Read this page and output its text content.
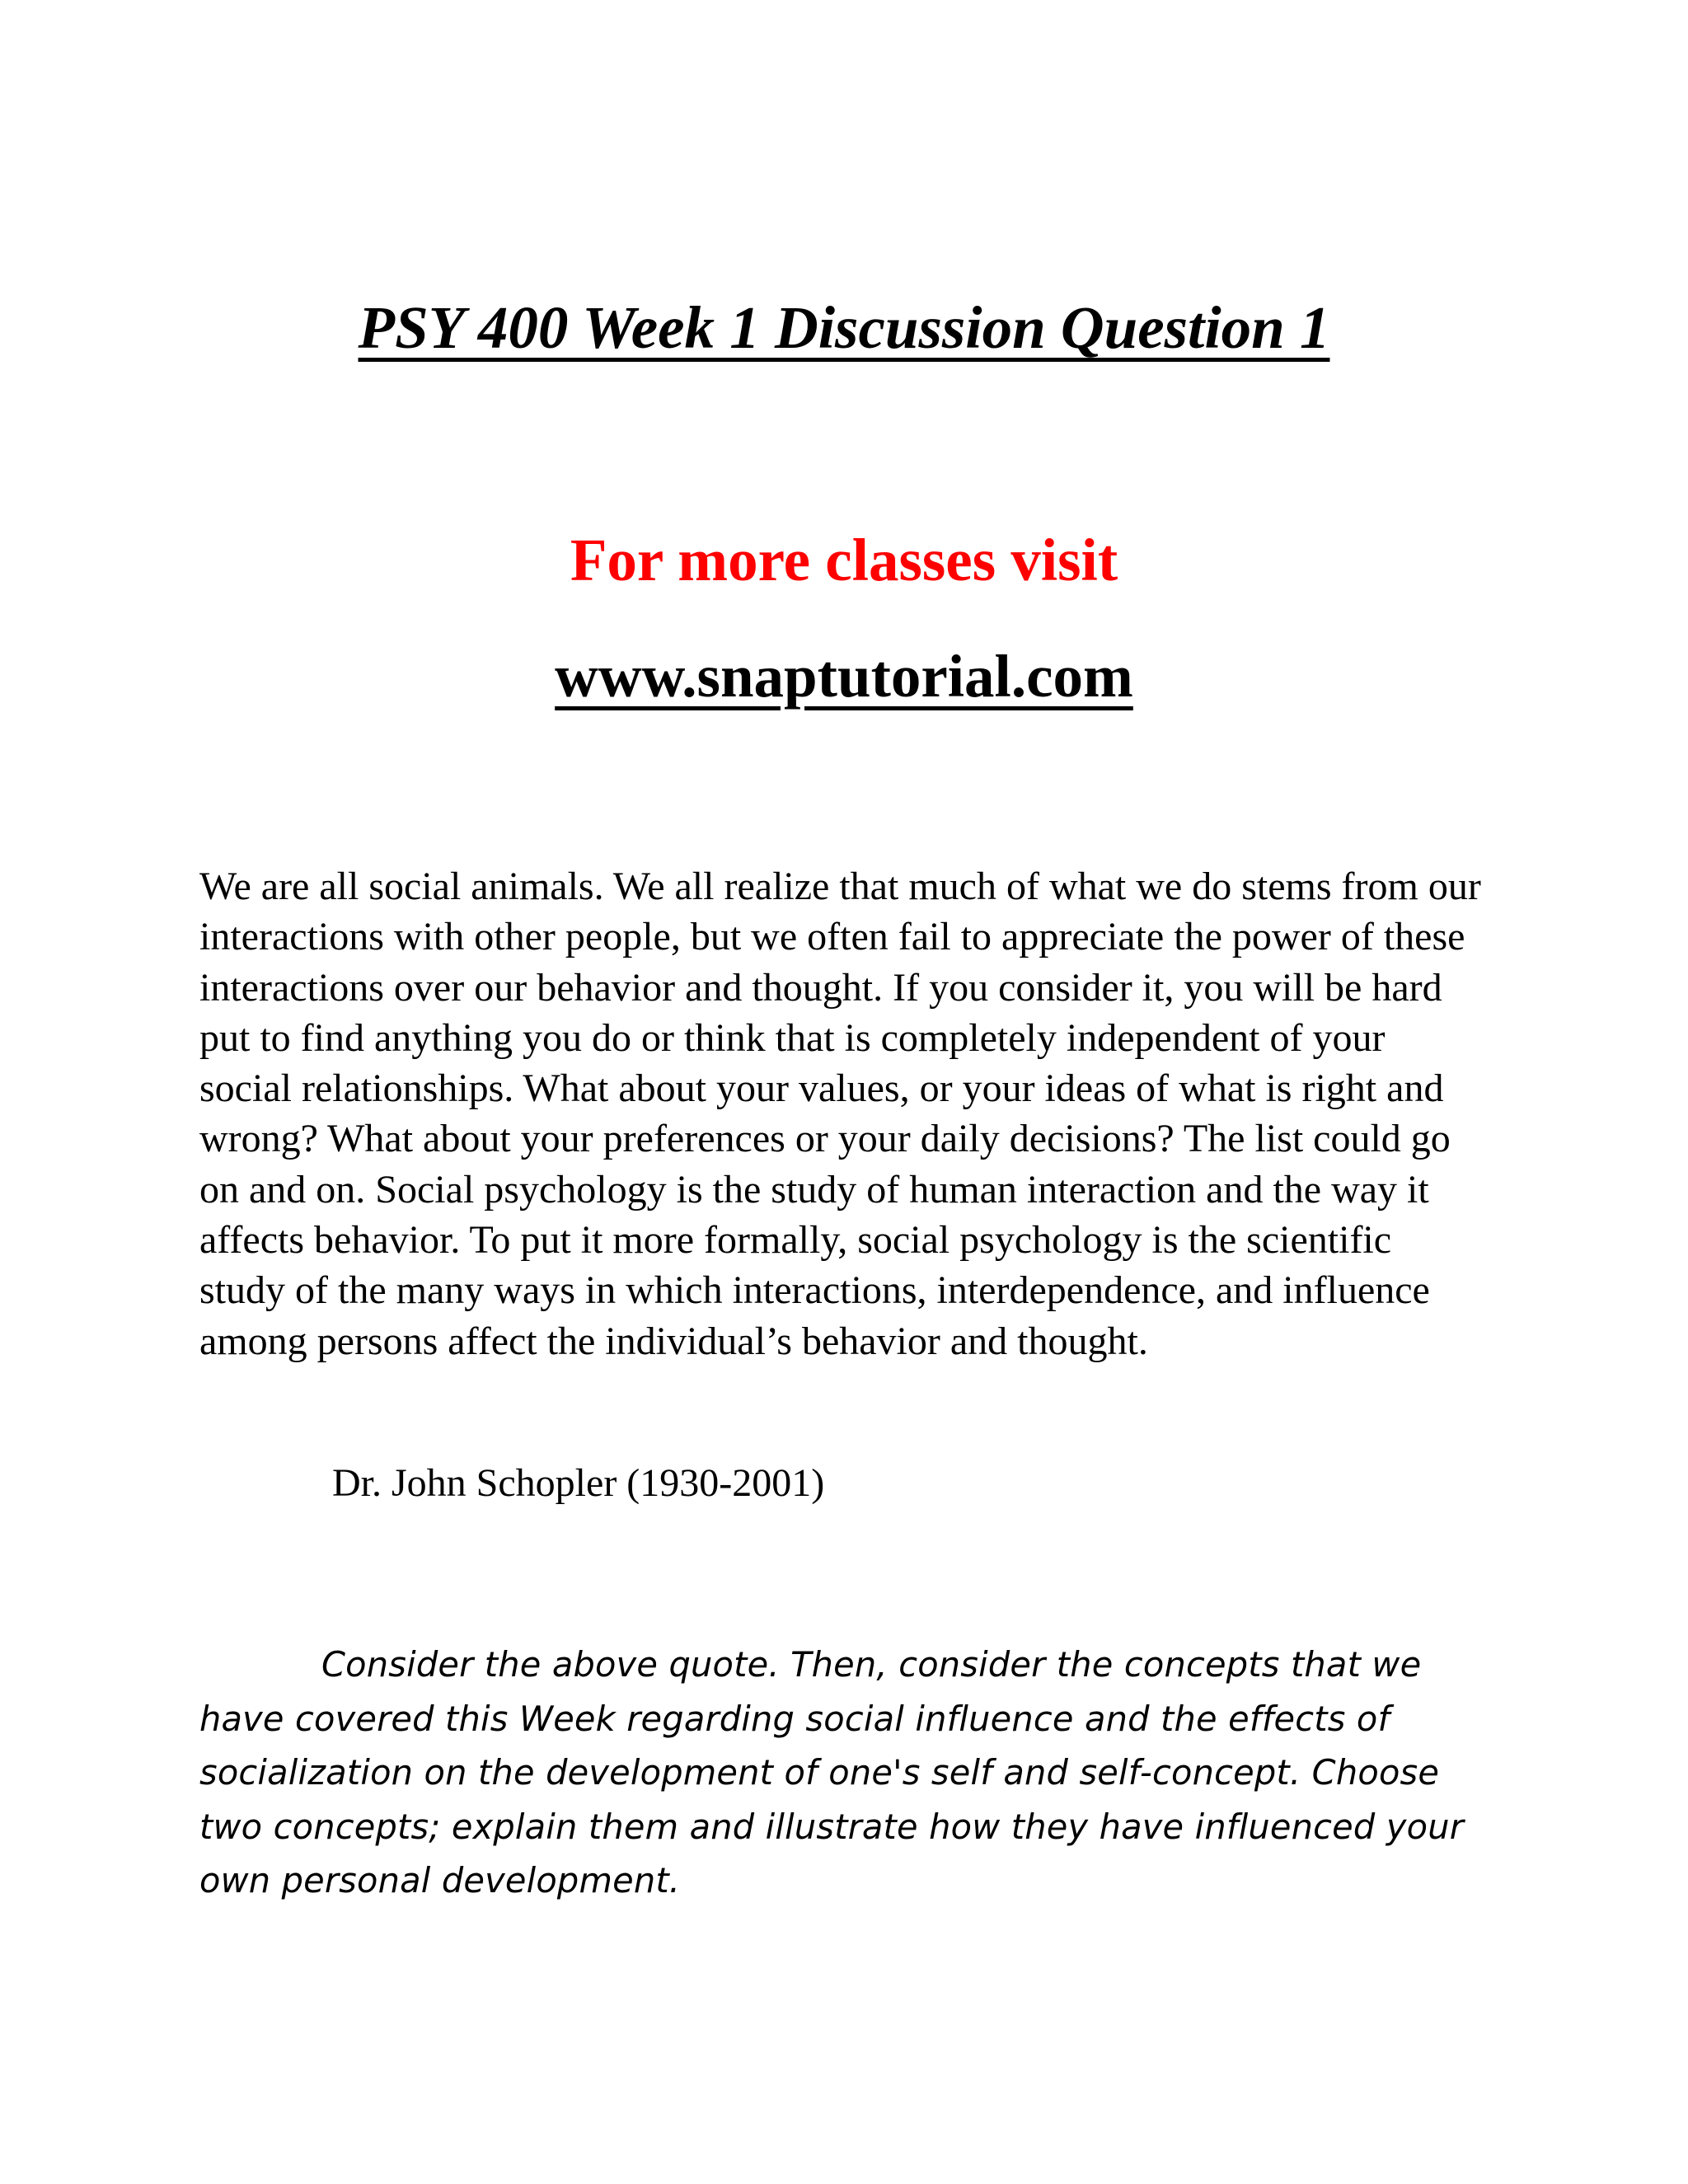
PSY 400 Week 1 Discussion Question 1

For more classes visit

www.snaptutorial.com

We are all social animals. We all realize that much of what we do stems from our interactions with other people, but we often fail to appreciate the power of these interactions over our behavior and thought. If you consider it, you will be hard put to find anything you do or think that is completely independent of your social relationships. What about your values, or your ideas of what is right and wrong? What about your preferences or your daily decisions? The list could go on and on. Social psychology is the study of human interaction and the way it affects behavior. To put it more formally, social psychology is the scientific study of the many ways in which interactions, interdependence, and influence among persons affect the individual’s behavior and thought.

Dr. John Schopler (1930-2001)

Consider the above quote. Then, consider the concepts that we have covered this Week regarding social influence and the effects of socialization on the development of one's self and self-concept. Choose two concepts; explain them and illustrate how they have influenced your own personal development.
